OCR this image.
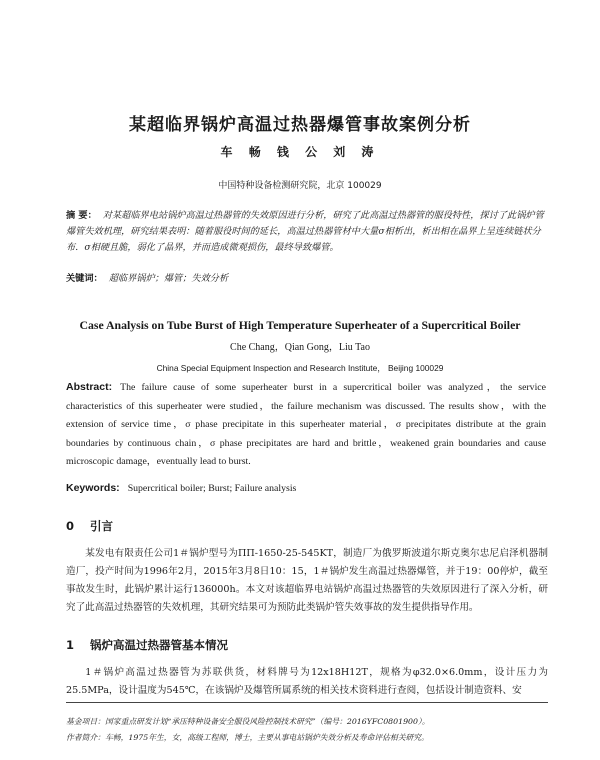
某超临界锅炉高温过热器爆管事故案例分析
车 畅 钱 公 刘 涛
中国特种设备检测研究院，北京 100029
摘 要： 对某超临界电站锅炉高温过热器管的失效原因进行分析，研究了此高温过热器管的服役特性，探讨了此锅炉管爆管失效机理，研究结果表明：随着服役时间的延长，高温过热器管材中大量σ相析出，析出相在晶界上呈连续链状分布．σ相硬且脆，弱化了晶界，并而造成微观损伤，最终导致爆管。
关键词： 超临界锅炉；爆管；失效分析
Case Analysis on Tube Burst of High Temperature Superheater of a Supercritical Boiler
Che Chang，Qian Gong，Liu Tao
China Special Equipment Inspection and Research Institute， Beijing 100029
Abstract: The failure cause of some superheater burst in a supercritical boiler was analyzed，the service characteristics of this superheater were studied，the failure mechanism was discussed. The results show，with the extension of service time，σ phase precipitate in this superheater material，σ precipitates distribute at the grain boundaries by continuous chain，σ phase precipitates are hard and brittle，weakened grain boundaries and cause microscopic damage，eventually lead to burst.
Keywords: Supercritical boiler; Burst; Failure analysis
0 引言
某发电有限责任公司1＃锅炉型号为ПП-1650-25-545KT，制造厂为俄罗斯波道尔斯克奥尔忠尼启泽机器制造厂，投产时间为1996年2月，2015年3月8日10：15，1＃锅炉发生高温过热器爆管，并于19：00停炉，截至事故发生时，此锅炉累计运行136000h。本文对该超临界电站锅炉高温过热器管的失效原因进行了深入分析，研究了此高温过热器管的失效机理，其研究结果可为预防此类锅炉管失效事故的发生提供指导作用。
1 锅炉高温过热器管基本情况
1＃锅炉高温过热器管为苏联供货，材料牌号为12x18H12T，规格为φ32.0×6.0mm，设计压力为25.5MPa，设计温度为545℃，在该锅炉及爆管所属系统的相关技术资料进行查阅，包括设计制造资料、安
基金项目：国家重点研发计划“承压特种设备安全服役风险控制技术研究”（编号：2016YFC0801900）。
作者简介：车畅，1975年生，女，高级工程师，博士，主要从事电站锅炉失效分析及寿命评估相关研究。
